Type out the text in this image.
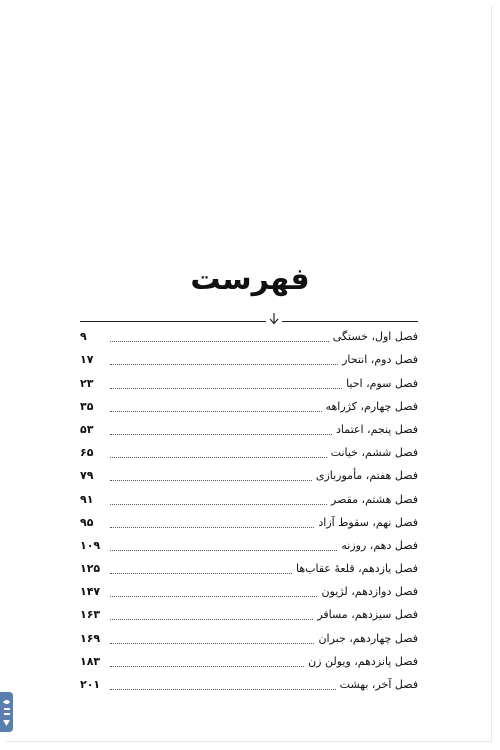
فهرست
فصل اول، خستگی
۹
فصل دوم، انتحار
۱۷
فصل سوم، احیا
۲۳
فصل چهارم، کژراهه
۳۵
فصل پنجم، اعتماد
۵۳
فصل ششم، خیانت
۶۵
فصل هفتم، مأموربازی
۷۹
فصل هشتم، مقصر
۹۱
فصل نهم، سقوط آزاد
۹۵
فصل دهم، روزنه
۱۰۹
فصل یازدهم، قلعهٔ عقاب‌ها
۱۲۵
فصل دوازدهم، لژیون
۱۴۷
فصل سیزدهم، مسافر
۱۶۳
فصل چهاردهم، جبران
۱۶۹
فصل پانزدهم، ویولن زن
۱۸۳
فصل آخر، بهشت
۲۰۱
